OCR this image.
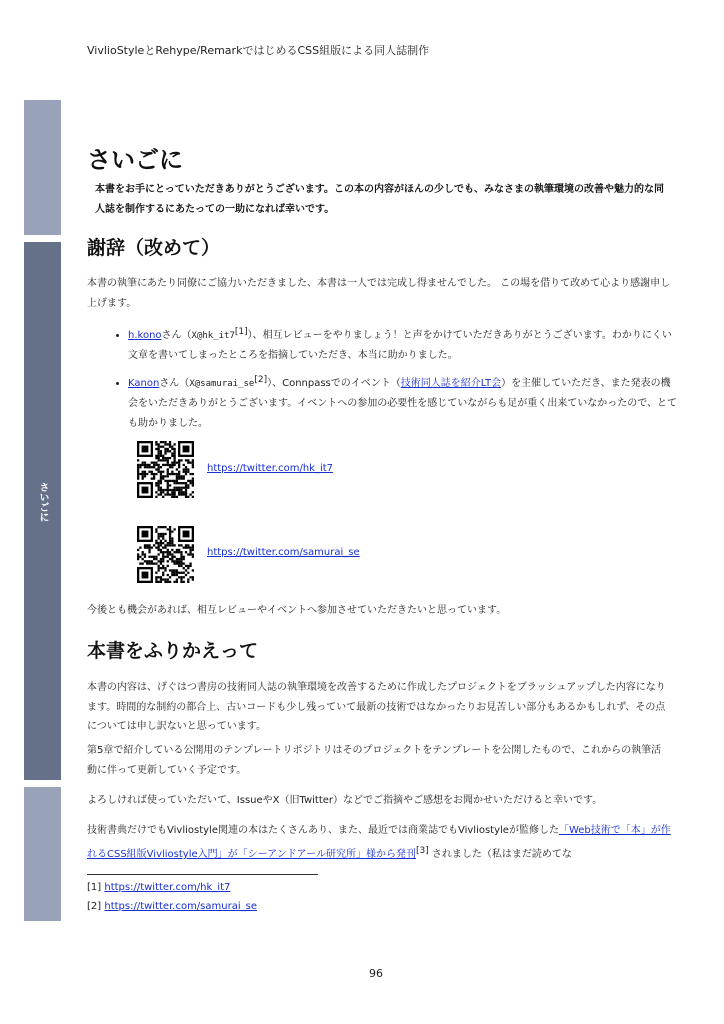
VivlioStyleとRehype/RemarkではじめるCSS組版による同人誌制作
さいごに
さいごに
本書をお手にとっていただきありがとうございます。この本の内容がほんの少しでも、みなさまの執筆環境の改善や魅力的な同人誌を制作するにあたっての一助になれば幸いです。
謝辞（改めて）

本書の執筆にあたり同僚にご協力いただきました、本書は一人では完成し得ませんでした。 この場を借りて改めて心より感謝申し上げます。

• h.konoさん（X@hk_it7[1]）、相互レビューをやりましょう！と声をかけていただきありがとうございます。わかりにくい文章を書いてしまったところを指摘していただき、本当に助かりました。
• Kanonさん（X@samurai_se[2]）、Connpassでのイベント（技術同人誌を紹介LT会）を主催していただき、また発表の機会をいただきありがとうございます。イベントへの参加の必要性を感じていながらも足が重く出来ていなかったので、とても助かりました。
https://twitter.com/hk_it7
https://twitter.com/samurai_se

今後とも機会があれば、相互レビューやイベントへ参加させていただきたいと思っています。

本書をふりかえって

本書の内容は、げぐはつ書房の技術同人誌の執筆環境を改善するために作成したプロジェクトをブラッシュアップした内容になります。時間的な制約の都合上、古いコードも少し残っていて最新の技術ではなかったりお見苦しい部分もあるかもしれず、その点については申し訳ないと思っています。

第5章で紹介している公開用のテンプレートリポジトリはそのプロジェクトをテンプレートを公開したもので、これからの執筆活動に伴って更新していく予定です。

よろしければ使っていただいて、IssueやX（旧Twitter）などでご指摘やご感想をお聞かせいただけると幸いです。

技術書典だけでもVivliostyle関連の本はたくさんあり、また、最近では商業誌でもVivliostyleが監修した「Web技術で「本」が作れるCSS組版Vivliostyle入門」が「シーアンドアール研究所」様から発刊[3] されました（私はまだ読めてな

[1] https://twitter.com/hk_it7
[2] https://twitter.com/samurai_se
96
